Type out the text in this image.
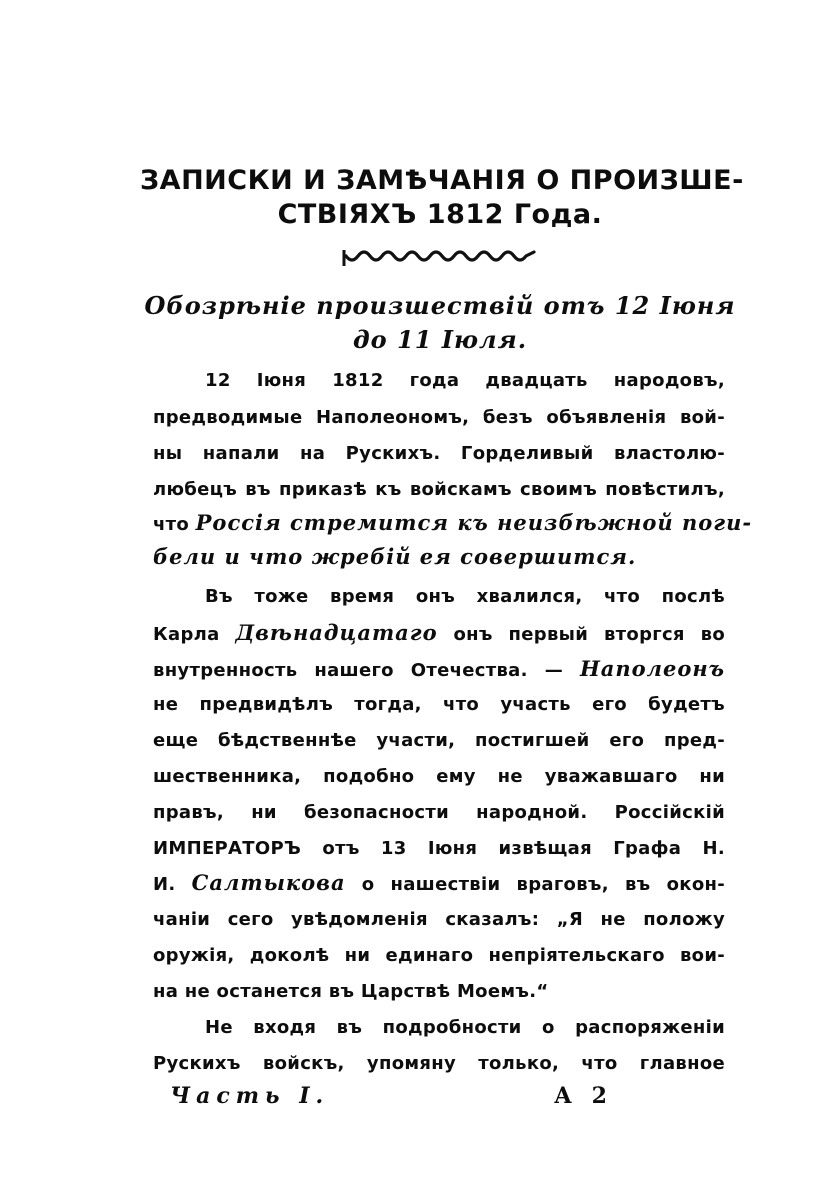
ЗАПИСКИ И ЗАМѢЧАНІЯ О ПРОИЗШЕ-
СТВІЯХЪ 1812 Года.
Обозрѣніе произшествій отъ 12 Іюня
до 11 Іюля.
12 Іюня 1812 года двадцать народовъ,
предводимые Наполеономъ, безъ объявленія вой-
ны напали на Рускихъ. Горделивый властолю-
любецъ въ приказѣ къ войскамъ своимъ повѣстилъ,
что Россія стремится къ неизбѣжной поги-
бели и что жребій ея совершится.
Въ тоже время онъ хвалился, что послѣ
Карла Двѣнадцатаго онъ первый вторгся во
внутренность нашего Отечества. — Наполеонъ
не предвидѣлъ тогда, что участь его будетъ
еще бѣдственнѣе участи, постигшей его пред-
шественника, подобно ему не уважавшаго ни
правъ, ни безопасности народной. Россійскій
ИМПЕРАТОРЪ отъ 13 Іюня извѣщая Графа Н.
И. Салтыкова о нашествіи враговъ, въ окон-
чаніи сего увѣдомленія сказалъ: „Я не положу
оружія, доколѣ ни единаго непріятельскаго вои-
на не останется въ Царствѣ Моемъ.“
Не входя въ подробности о распоряженіи
Рускихъ войскъ, упомяну только, что главное
Часть I.	А 2
